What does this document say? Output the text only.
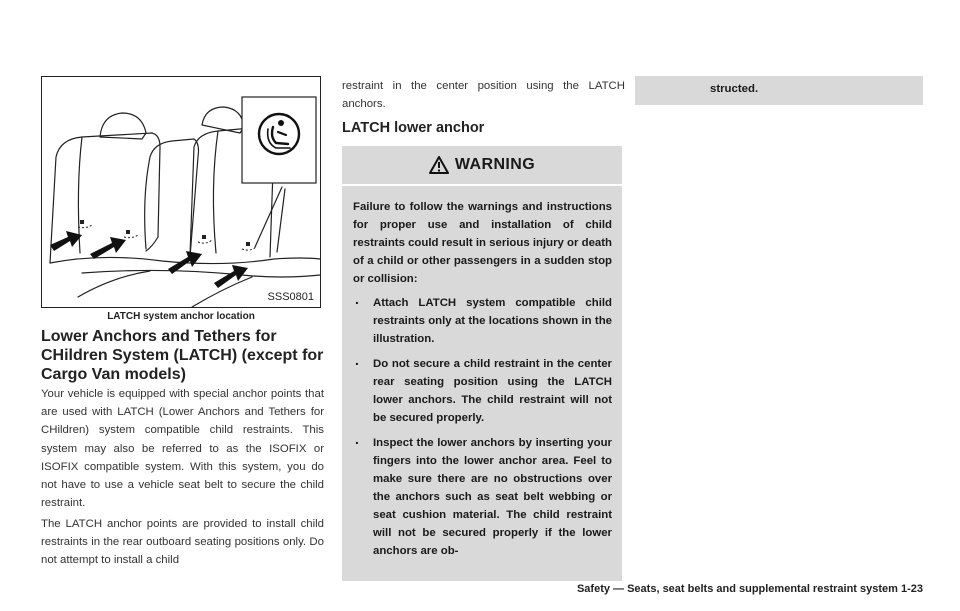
SSS0801
LATCH system anchor location
Lower Anchors and Tethers for CHildren System (LATCH) (except for Cargo Van models)

Your vehicle is equipped with special anchor points that are used with LATCH (Lower Anchors and Tethers for CHildren) system compatible child restraints. This system may also be referred to as the ISOFIX or ISOFIX compatible system. With this system, you do not have to use a vehicle seat belt to secure the child restraint.

The LATCH anchor points are provided to install child restraints in the rear outboard seating positions only. Do not attempt to install a child

restraint in the center position using the LATCH anchors.

LATCH lower anchor
WARNING

Failure to follow the warnings and instructions for proper use and installation of child restraints could result in serious injury or death of a child or other passengers in a sudden stop or collision:

. Attach LATCH system compatible child restraints only at the locations shown in the illustration.
. Do not secure a child restraint in the center rear seating position using the LATCH lower anchors. The child restraint will not be secured properly.
. Inspect the lower anchors by inserting your fingers into the lower anchor area. Feel to make sure there are no obstructions over the anchors such as seat belt webbing or seat cushion material. The child restraint will not be secured properly if the lower anchors are ob-
structed.
Safety — Seats, seat belts and supplemental restraint system 1-23
